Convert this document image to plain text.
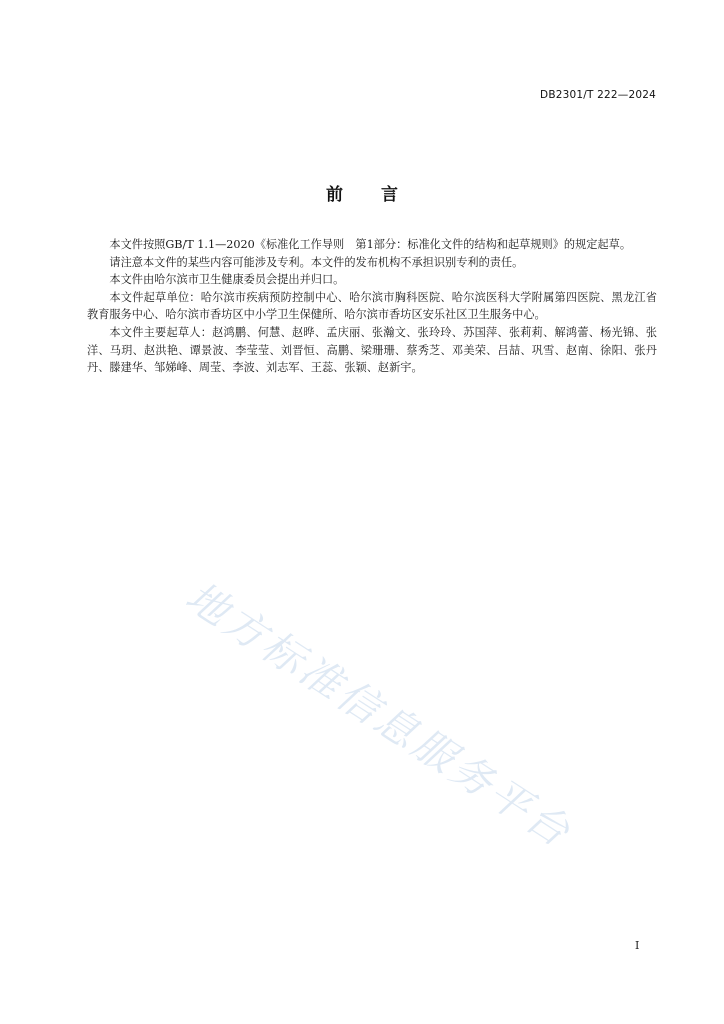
DB2301/T 222—2024
前 言

本文件按照GB/T 1.1—2020《标准化工作导则　第1部分：标准化文件的结构和起草规则》的规定起草。

请注意本文件的某些内容可能涉及专利。本文件的发布机构不承担识别专利的责任。

本文件由哈尔滨市卫生健康委员会提出并归口。

本文件起草单位：哈尔滨市疾病预防控制中心、哈尔滨市胸科医院、哈尔滨医科大学附属第四医院、黑龙江省教育服务中心、哈尔滨市香坊区中小学卫生保健所、哈尔滨市香坊区安乐社区卫生服务中心。

本文件主要起草人：赵鸿鹏、何慧、赵晔、孟庆丽、张瀚文、张玲玲、苏国萍、张莉莉、解鸿蕾、杨光锦、张洋、马玥、赵洪艳、谭景波、李莹莹、刘晋恒、高鹏、梁珊珊、蔡秀芝、邓美荣、吕喆、巩雪、赵南、徐阳、张丹丹、滕建华、邹娣峰、周莹、李波、刘志军、王蕊、张颖、赵新宇。

地方标准信息服务平台
I
